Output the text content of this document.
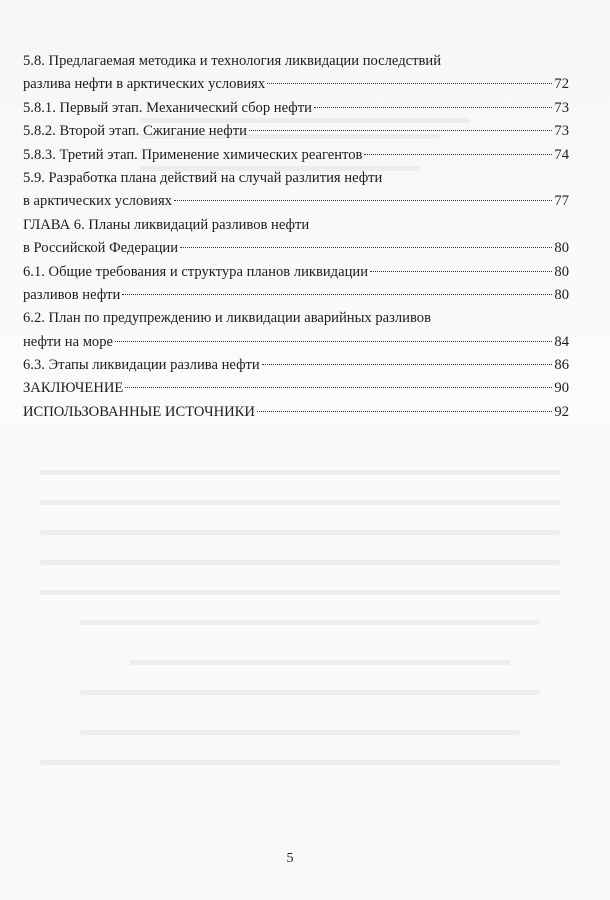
5.8. Предлагаемая методика и технология ликвидации последствий
разлива нефти в арктических условиях	72
5.8.1. Первый этап. Механический сбор нефти	73
5.8.2. Второй этап. Сжигание нефти	73
5.8.3. Третий этап. Применение химических реагентов	74
5.9. Разработка плана действий на случай разлития нефти
в арктических условиях	77
ГЛАВА 6. Планы ликвидаций разливов нефти
в Российской Федерации	80
6.1. Общие требования и структура планов ликвидации	80
разливов нефти	80
6.2. План по предупреждению и ликвидации аварийных разливов
нефти на море	84
6.3. Этапы ликвидации разлива нефти	86
ЗАКЛЮЧЕНИЕ	90
ИСПОЛЬЗОВАННЫЕ ИСТОЧНИКИ	92
5
